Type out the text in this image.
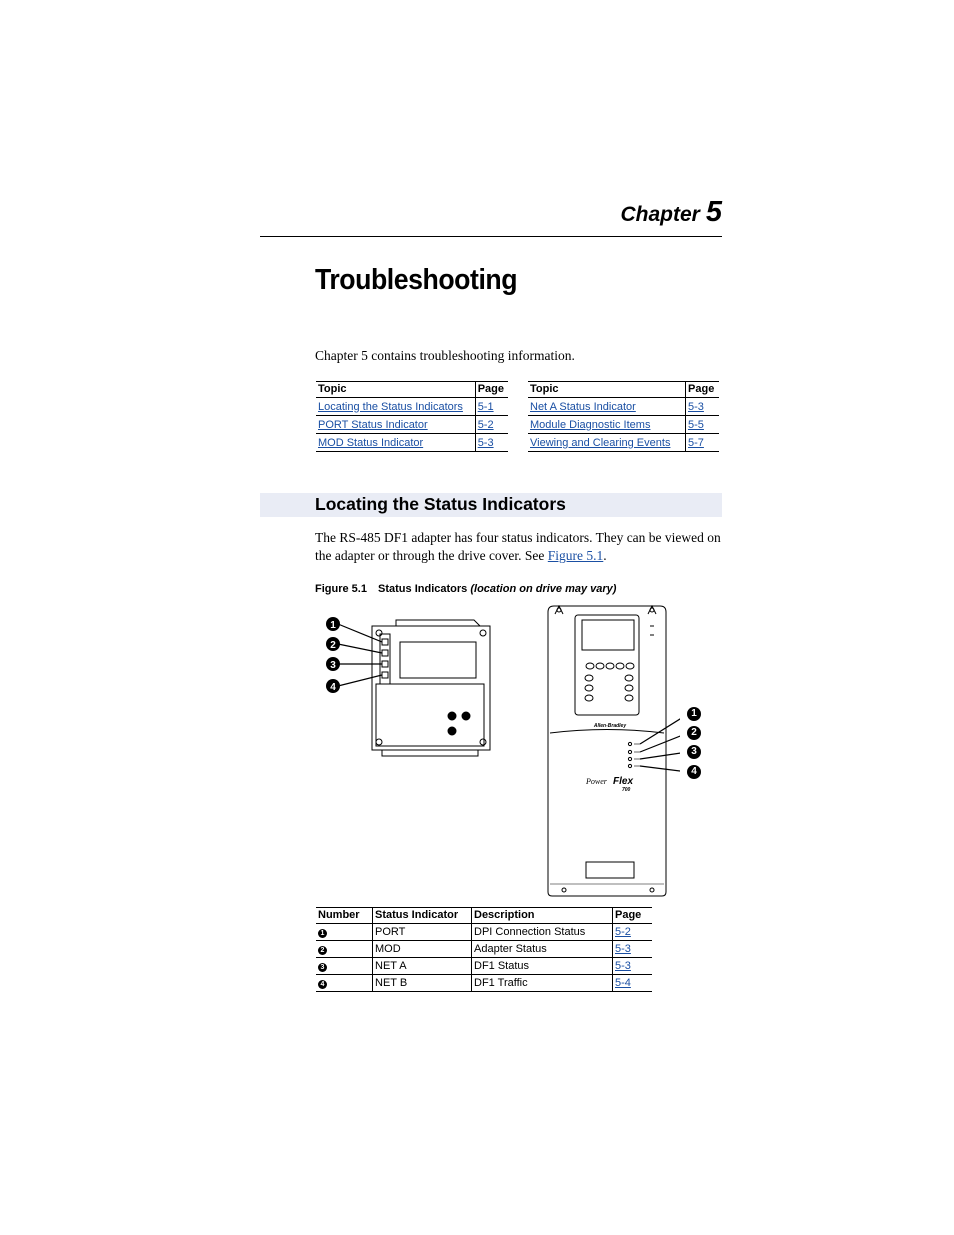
Chapter 5
Troubleshooting
Chapter 5 contains troubleshooting information.
Topic	Page
Locating the Status Indicators	5-1
PORT Status Indicator	5-2
MOD Status Indicator	5-3
Topic	Page
Net A Status Indicator	5-3
Module Diagnostic Items	5-5
Viewing and Clearing Events	5-7
Locating the Status Indicators
The RS-485 DF1 adapter has four status indicators. They can be viewed on the adapter or through the drive cover. See Figure 5.1.
Figure 5.1 Status Indicators (location on drive may vary)
1
2
3
4
Allen-Bradley
Power Flex
700
1
2
3
4
Number	Status Indicator	Description	Page
1	PORT	DPI Connection Status	5-2
2	MOD	Adapter Status	5-3
3	NET A	DF1 Status	5-3
4	NET B	DF1 Traffic	5-4
